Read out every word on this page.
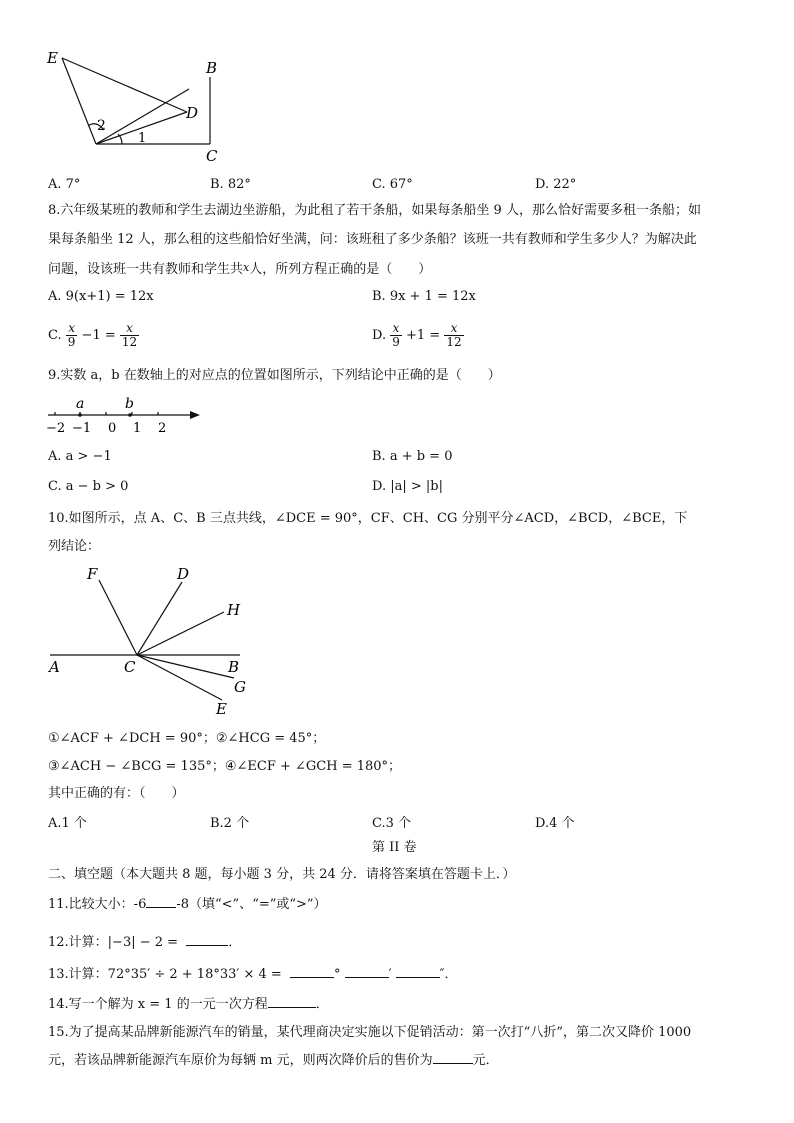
E
B
D
C
1
2
A. 7°	B. 82°	C. 67°	D. 22°
8.六年级某班的教师和学生去湖边坐游船，为此租了若干条船，如果每条船坐 9 人，那么恰好需要多租一条船；如
果每条船坐 12 人，那么租的这些船恰好坐满，问：该班租了多少条船？该班一共有教师和学生多少人？为解决此
问题，设该班一共有教师和学生共x人，所列方程正确的是（　　）
A. 9(x+1) = 12x	B. 9x + 1 = 12x
C. $\frac{x}{9} -1 = \frac{x}{12}$	D. $\frac{x}{9} +1 = \frac{x}{12}$
9.实数 a，b 在数轴上的对应点的位置如图所示，下列结论中正确的是（　　）
a	b
−2 −1 0 1 2
A. a > −1	B. a + b = 0
C. a − b > 0	D. |a| > |b|
10.如图所示，点 A、C、B 三点共线，∠DCE = 90°，CF、CH、CG 分别平分∠ACD，∠BCD，∠BCE，下
列结论：
F	D
H
A	C	B
G
E
①∠ACF + ∠DCH = 90°；②∠HCG = 45°；
③∠ACH − ∠BCG = 135°；④∠ECF + ∠GCH = 180°；
其中正确的有：（　　）
A.1 个	B.2 个	C.3 个	D.4 个
第 II 卷
二、填空题（本大题共 8 题，每小题 3 分，共 24 分．请将答案填在答题卡上．）
11.比较大小：-6 -8（填“<”、“=”或“>”）
12.计算：|−3| − 2 =	．
13.计算：72°35′ ÷ 2 + 18°33′ × 4 =	°	′	″．
14.写一个解为 x = 1 的一元一次方程	．
15.为了提高某品牌新能源汽车的销量，某代理商决定实施以下促销活动：第一次打“八折”，第二次又降价 1000
元，若该品牌新能源汽车原价为每辆 m 元，则两次降价后的售价为	元．
